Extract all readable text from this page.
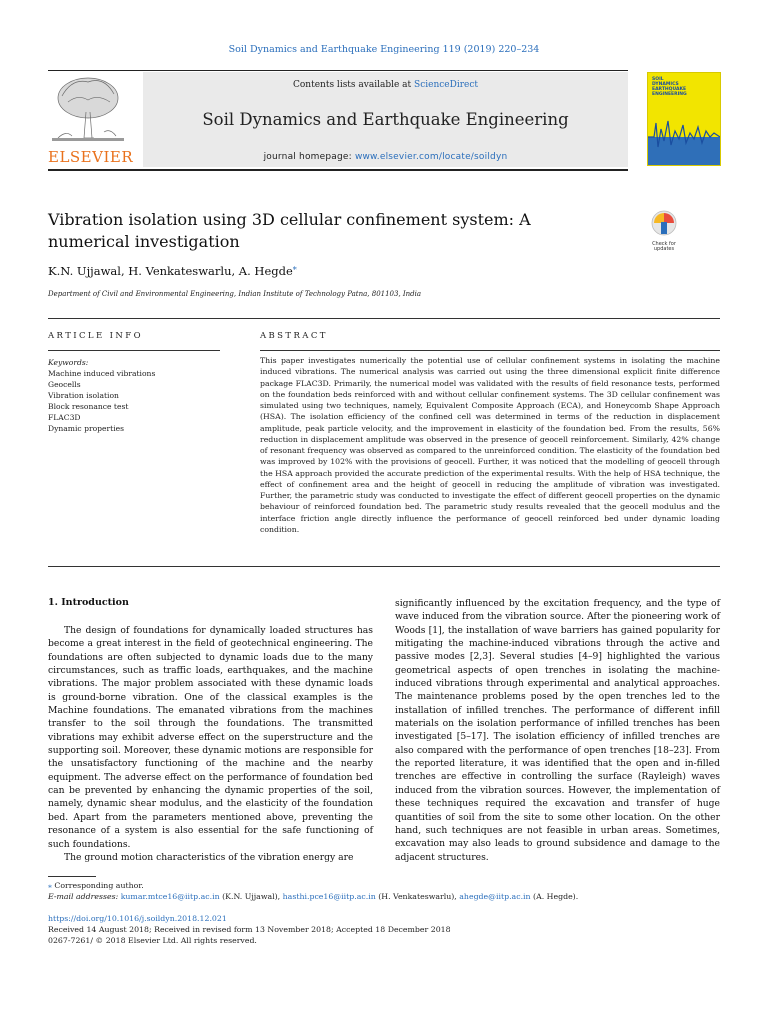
Soil Dynamics and Earthquake Engineering 119 (2019) 220–234
ELSEVIER
Contents lists available at ScienceDirect
Soil Dynamics and Earthquake Engineering
journal homepage: www.elsevier.com/locate/soildyn
SOIL
DYNAMICS
EARTHQUAKE
ENGINEERING
Vibration isolation using 3D cellular confinement system: A numerical investigation	Check for updates
K.N. Ujjawal, H. Venkateswarlu, A. Hegde⁎
Department of Civil and Environmental Engineering, Indian Institute of Technology Patna, 801103, India
ARTICLE INFO	ABSTRACT
Keywords:
Machine induced vibrations
Geocells
Vibration isolation
Block resonance test
FLAC3D
Dynamic properties
This paper investigates numerically the potential use of cellular confinement systems in isolating the machine induced vibrations. The numerical analysis was carried out using the three dimensional explicit finite difference package FLAC3D. Primarily, the numerical model was validated with the results of field resonance tests, performed on the foundation beds reinforced with and without cellular confinement systems. The 3D cellular confinement was simulated using two techniques, namely, Equivalent Composite Approach (ECA), and Honeycomb Shape Approach (HSA). The isolation efficiency of the confined cell was determined in terms of the reduction in displacement amplitude, peak particle velocity, and the improvement in elasticity of the foundation bed. From the results, 56% reduction in displacement amplitude was observed in the presence of geocell reinforcement. Similarly, 42% change of resonant frequency was observed as compared to the unreinforced condition. The elasticity of the foundation bed was improved by 102% with the provisions of geocell. Further, it was noticed that the modelling of geocell through the HSA approach provided the accurate prediction of the experimental results. With the help of HSA technique, the effect of confinement area and the height of geocell in reducing the amplitude of vibration was investigated. Further, the parametric study was conducted to investigate the effect of different geocell properties on the dynamic behaviour of reinforced foundation bed. The parametric study results revealed that the geocell modulus and the interface friction angle directly influence the performance of geocell reinforced bed under dynamic loading condition.
1. Introduction

The design of foundations for dynamically loaded structures has become a great interest in the field of geotechnical engineering. The foundations are often subjected to dynamic loads due to the many circumstances, such as traffic loads, earthquakes, and the machine vibrations. The major problem associated with these dynamic loads is ground-borne vibration. One of the classical examples is the Machine foundations. The emanated vibrations from the machines transfer to the soil through the foundations. The transmitted vibrations may exhibit adverse effect on the superstructure and the supporting soil. Moreover, these dynamic motions are responsible for the unsatisfactory functioning of the machine and the nearby equipment. The adverse effect on the performance of foundation bed can be prevented by enhancing the dynamic properties of the soil, namely, dynamic shear modulus, and the elasticity of the foundation bed. Apart from the parameters mentioned above, preventing the resonance of a system is also essential for the safe functioning of such foundations.

The ground motion characteristics of the vibration energy are

significantly influenced by the excitation frequency, and the type of wave induced from the vibration source. After the pioneering work of Woods [1], the installation of wave barriers has gained popularity for mitigating the machine-induced vibrations through the active and passive modes [2,3]. Several studies [4–9] highlighted the various geometrical aspects of open trenches in isolating the machine-induced vibrations through experimental and analytical approaches. The maintenance problems posed by the open trenches led to the installation of infilled trenches. The performance of different infill materials on the isolation performance of infilled trenches has been investigated [5–17]. The isolation efficiency of infilled trenches are also compared with the performance of open trenches [18–23]. From the reported literature, it was identified that the open and in-filled trenches are effective in controlling the surface (Rayleigh) waves induced from the vibration sources. However, the implementation of these techniques required the excavation and transfer of huge quantities of soil from the site to some other location. On the other hand, such techniques are not feasible in urban areas. Sometimes, excavation may also leads to ground subsidence and damage to the adjacent structures.

⁎ Corresponding author.
E-mail addresses: kumar.mtce16@iitp.ac.in (K.N. Ujjawal), hasthi.pce16@iitp.ac.in (H. Venkateswarlu), ahegde@iitp.ac.in (A. Hegde).
https://doi.org/10.1016/j.soildyn.2018.12.021
Received 14 August 2018; Received in revised form 13 November 2018; Accepted 18 December 2018
0267-7261/ © 2018 Elsevier Ltd. All rights reserved.
